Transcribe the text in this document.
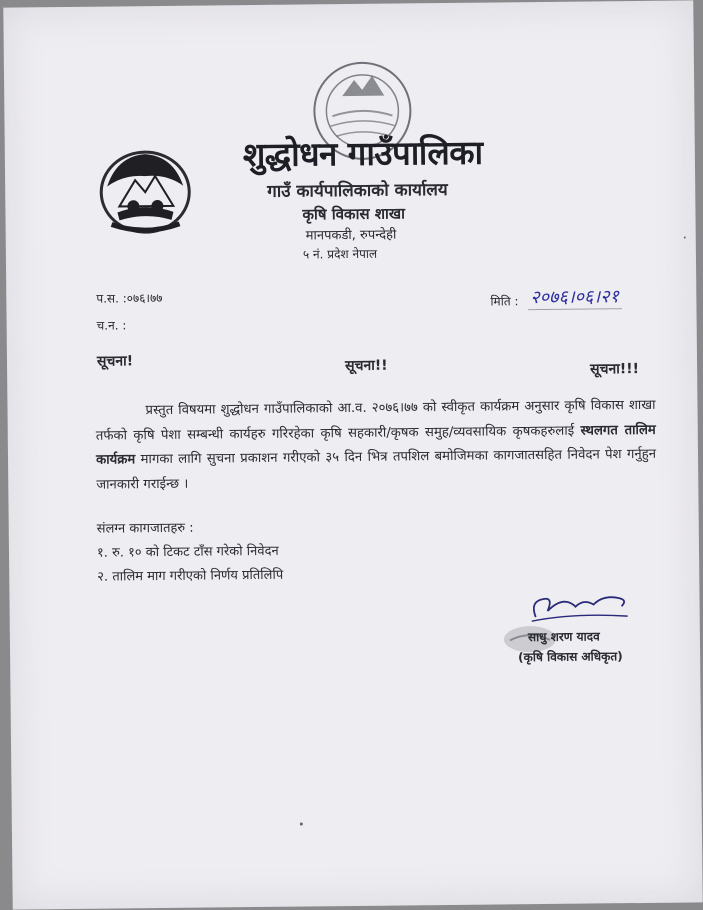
शुद्धोधन गाउँपालिका
गाउँ कार्यपालिकाको कार्यालय
कृषि विकास शाखा
मानपकडी, रुपन्देही
५ नं. प्रदेश नेपाल
प.स. :०७६।७७
च.न. :
मिति : २०७६।०६।२१
सूचना!	सूचना!!	सूचना!!!
प्रस्तुत विषयमा शुद्धोधन गाउँपालिकाको आ.व. २०७६।७७ को स्वीकृत कार्यक्रम अनुसार कृषि विकास शाखा तर्फको कृषि पेशा सम्बन्धी कार्यहरु गरिरहेका कृषि सहकारी/कृषक समुह/व्यवसायिक कृषकहरुलाई स्थलगत तालिम कार्यक्रम मागका लागि सुचना प्रकाशन गरीएको ३५ दिन भित्र तपशिल बमोजिमका कागजातसहित निवेदन पेश गर्नुहुन जानकारी गराईन्छ ।
संलग्न कागजातहरु :
१. रु. १० को टिकट टाँस गरेको निवेदन
२. तालिम माग गरीएको निर्णय प्रतिलिपि
साधु शरण यादव
(कृषि विकास अधिकृत)
